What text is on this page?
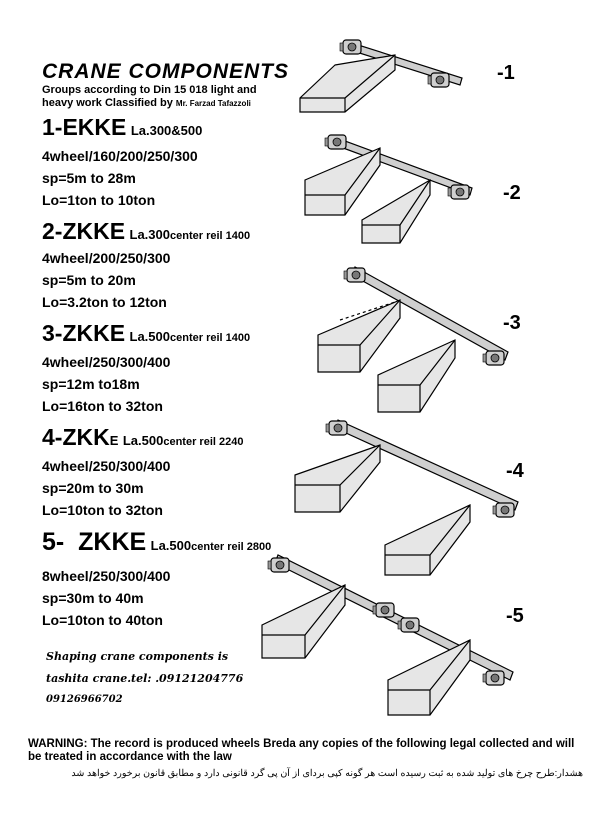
CRANE COMPONENTS
Groups according to Din 15 018 light and
heavy work Classified by Mr. Farzad Tafazzoli
1-EKKE La.300&500
4wheel/160/200/250/300
sp=5m to 28m
Lo=1ton to 10ton
2-ZKKE La.300center reil 1400
4wheel/200/250/300
sp=5m to 20m
Lo=3.2ton to 12ton
3-ZKKE La.500center reil 1400
4wheel/250/300/400
sp=12m to18m
Lo=16ton to 32ton
4-ZKKE La.500center reil 2240
4wheel/250/300/400
sp=20m to 30m
Lo=10ton to 32ton
5-  ZKKE La.500center reil 2800
8wheel/250/300/400
sp=30m to 40m
Lo=10ton to 40ton
Shaping crane components is
tashita crane.tel: .09121204776
09126966702
-1
-2
-3
-4
-5
WARNING: The record is produced wheels Breda any copies of the following legal collected and will be treated in accordance with the law
هشدار:طرح چرخ های تولید شده به ثبت رسیده است هر گونه کپی بردای از آن پی گرد قانونی دارد و مطابق قانون برخورد خواهد شد
